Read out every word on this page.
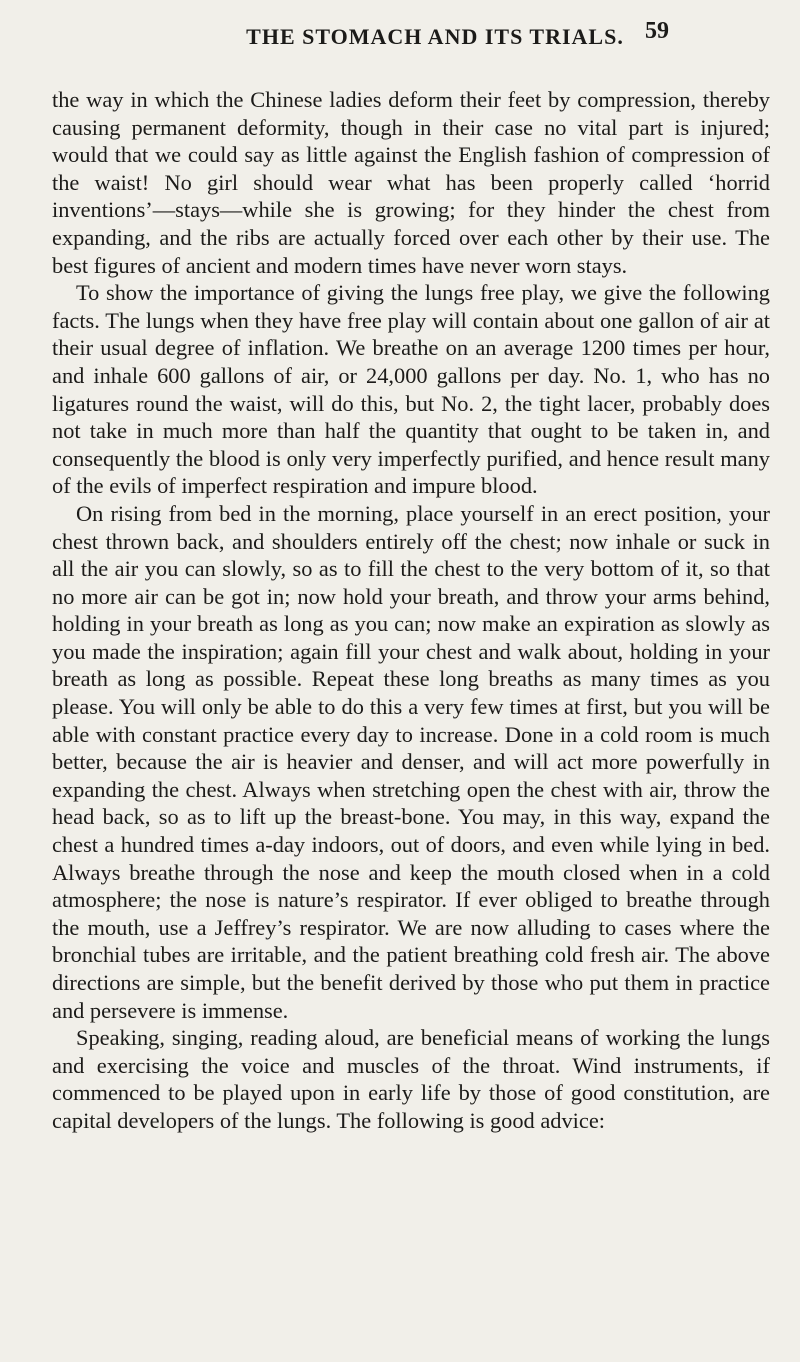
THE STOMACH AND ITS TRIALS. 59

the way in which the Chinese ladies deform their feet by compression, thereby causing permanent deformity, though in their case no vital part is injured; would that we could say as little against the English fashion of compression of the waist! No girl should wear what has been properly called ‘horrid inventions’—stays—while she is growing; for they hinder the chest from expanding, and the ribs are actually forced over each other by their use. The best figures of ancient and modern times have never worn stays.

To show the importance of giving the lungs free play, we give the following facts. The lungs when they have free play will contain about one gallon of air at their usual degree of inflation. We breathe on an average 1200 times per hour, and inhale 600 gallons of air, or 24,000 gallons per day. No. 1, who has no ligatures round the waist, will do this, but No. 2, the tight lacer, probably does not take in much more than half the quantity that ought to be taken in, and consequently the blood is only very imperfectly purified, and hence result many of the evils of imperfect respiration and impure blood.

On rising from bed in the morning, place yourself in an erect position, your chest thrown back, and shoulders entirely off the chest; now inhale or suck in all the air you can slowly, so as to fill the chest to the very bottom of it, so that no more air can be got in; now hold your breath, and throw your arms behind, holding in your breath as long as you can; now make an expiration as slowly as you made the inspiration; again fill your chest and walk about, holding in your breath as long as possible. Repeat these long breaths as many times as you please. You will only be able to do this a very few times at first, but you will be able with constant practice every day to increase. Done in a cold room is much better, because the air is heavier and denser, and will act more powerfully in expanding the chest. Always when stretching open the chest with air, throw the head back, so as to lift up the breast-bone. You may, in this way, expand the chest a hundred times a-day indoors, out of doors, and even while lying in bed. Always breathe through the nose and keep the mouth closed when in a cold atmosphere; the nose is nature’s respirator. If ever obliged to breathe through the mouth, use a Jeffrey’s respirator. We are now alluding to cases where the bronchial tubes are irritable, and the patient breathing cold fresh air. The above directions are simple, but the benefit derived by those who put them in practice and persevere is immense.

Speaking, singing, reading aloud, are beneficial means of working the lungs and exercising the voice and muscles of the throat. Wind instruments, if commenced to be played upon in early life by those of good constitution, are capital developers of the lungs. The following is good advice:
